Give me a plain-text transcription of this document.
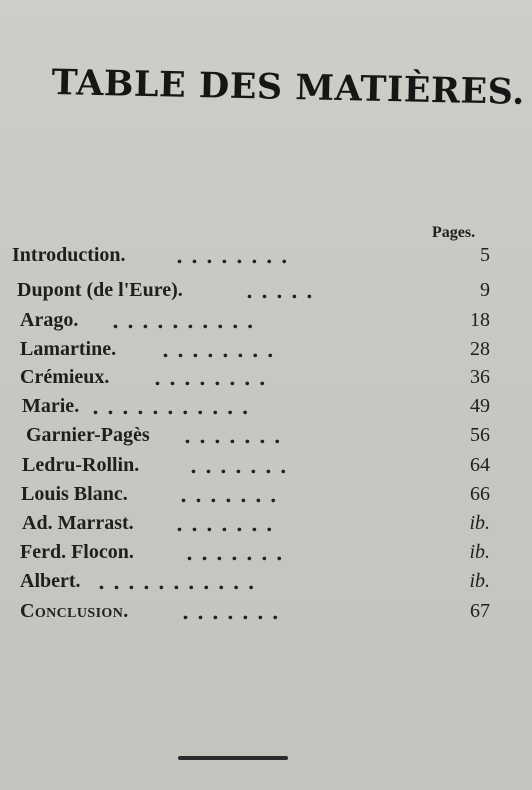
TABLE DES MATIÈRES.
Pages.
Introduction.	........	5
Dupont (de l'Eure).	.....	9
Arago. ..........	18
Lamartine. ........	28
Crémieux. ........	36
Marie. ...........	49
Garnier-Pagès .......	56
Ledru-Rollin.	.......	64
Louis Blanc.	.......	66
Ad. Marrast. .......	ib.
Ferd. Flocon.	.......	ib.
Albert. ...........	ib.
Conclusion.	.......	67
